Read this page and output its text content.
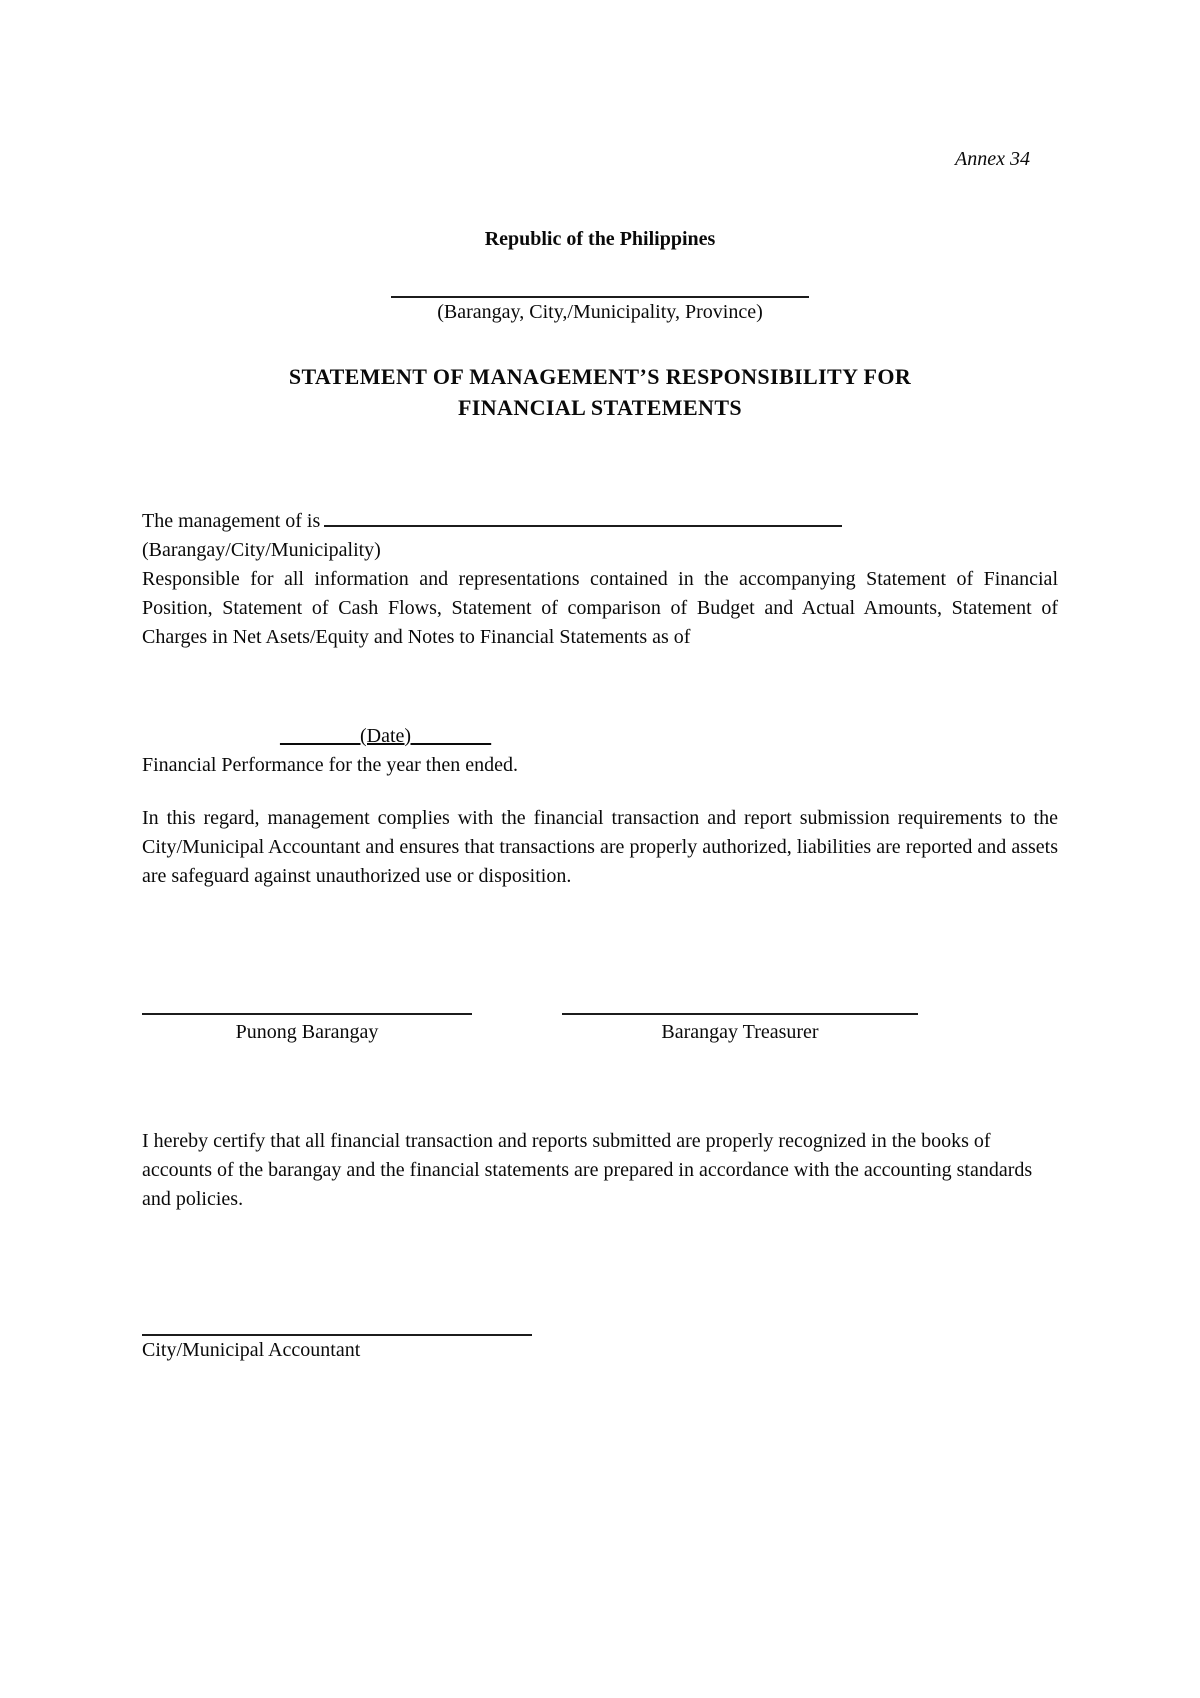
Annex 34
Republic of the Philippines
(Barangay, City,/Municipality, Province)
STATEMENT OF MANAGEMENT’S RESPONSIBILITY FOR
FINANCIAL STATEMENTS
The management of is
(Barangay/City/Municipality)
Responsible for all information and representations contained in the accompanying Statement of Financial Position, Statement of Cash Flows, Statement of comparison of Budget and Actual Amounts, Statement of Charges in Net Asets/Equity and Notes to Financial Statements as of
________(Date)________
Financial Performance for the year then ended.
In this regard, management complies with the financial transaction and report submission requirements to the City/Municipal Accountant and ensures that transactions are properly authorized, liabilities are reported and assets are safeguard against unauthorized use or disposition.
Punong Barangay	Barangay Treasurer
I hereby certify that all financial transaction and reports submitted are properly recognized in the books of accounts of the barangay and the financial statements are prepared in accordance with the accounting standards and policies.
City/Municipal Accountant
